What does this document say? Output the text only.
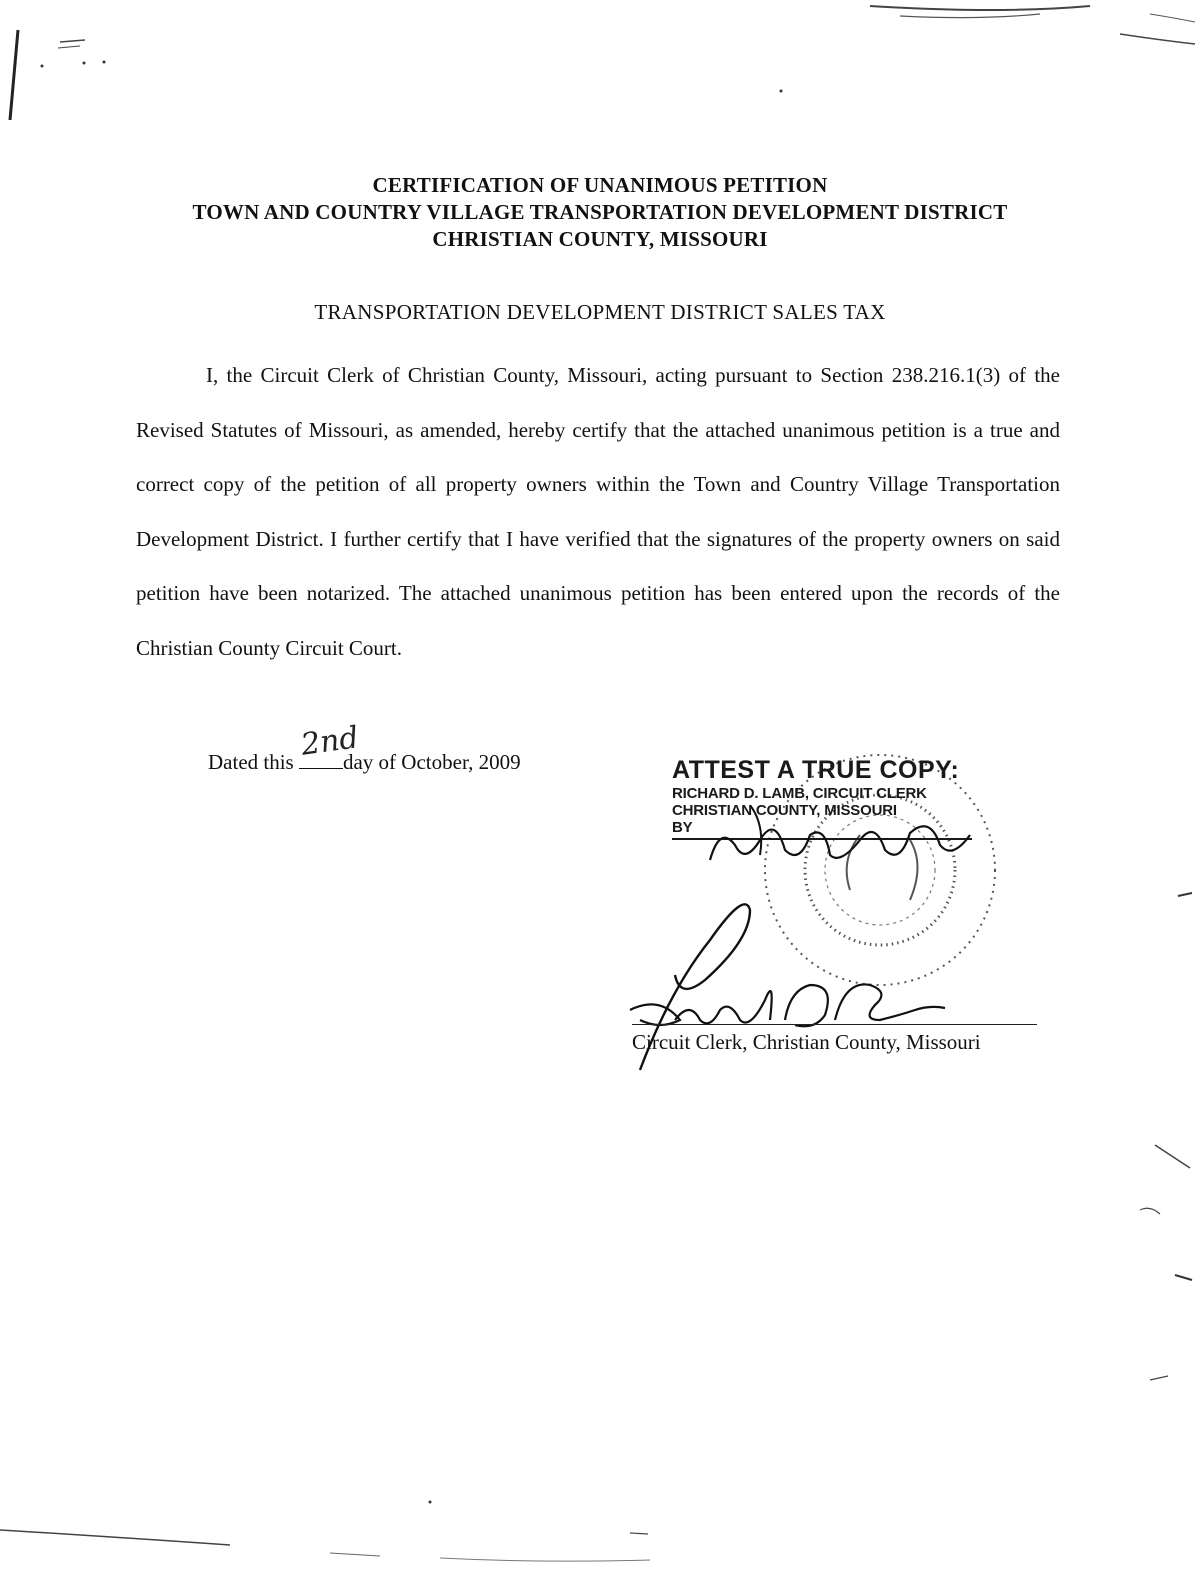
CERTIFICATION OF UNANIMOUS PETITION
TOWN AND COUNTRY VILLAGE TRANSPORTATION DEVELOPMENT DISTRICT
CHRISTIAN COUNTY, MISSOURI
TRANSPORTATION DEVELOPMENT DISTRICT SALES TAX
I, the Circuit Clerk of Christian County, Missouri, acting pursuant to Section 238.216.1(3) of the Revised Statutes of Missouri, as amended, hereby certify that the attached unanimous petition is a true and correct copy of the petition of all property owners within the Town and Country Village Transportation Development District. I further certify that I have verified that the signatures of the property owners on said petition have been notarized. The attached unanimous petition has been entered upon the records of the Christian County Circuit Court.
Dated this 2nd
day of October, 2009	ATTEST A TRUE COPY:
RICHARD D. LAMB, CIRCUIT CLERK
CHRISTIAN COUNTY, MISSOURI
BY
Circuit Clerk, Christian County, Missouri
